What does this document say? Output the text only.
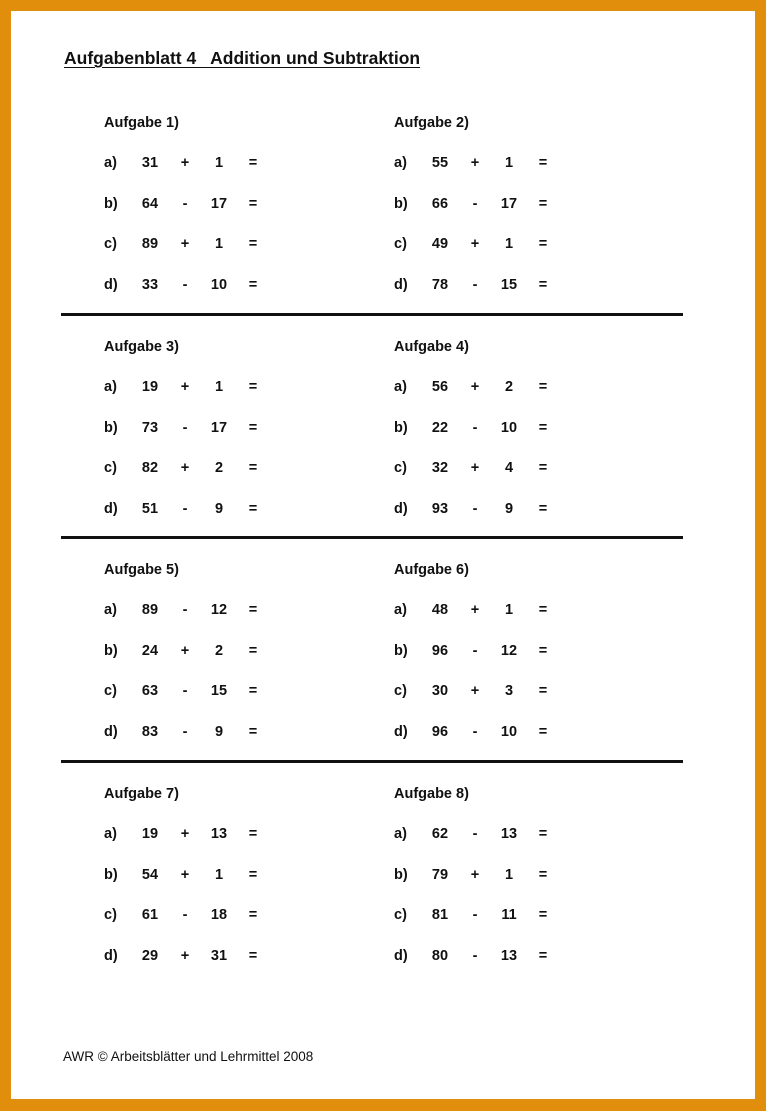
Aufgabenblatt 4   Addition und Subtraktion
Aufgabe 1)
a)	31 +	1	=
b)	64	-	17 =
c)	89 +	1	=
d)	33	-	10 =
Aufgabe 2)
a)	55 +	1	=
b)	66	-	17 =
c)	49 +	1	=
d)	78	-	15 =
Aufgabe 3)
a)	19 +	1	=
b)	73	-	17 =
c)	82 +	2	=
d)	51	-	9	=
Aufgabe 4)
a)	56 +	2	=
b)	22	-	10 =
c)	32 +	4	=
d)	93	-	9	=
Aufgabe 5)
a)	89	-	12 =
b)	24 +	2	=
c)	63	-	15 =
d)	83	-	9	=
Aufgabe 6)
a)	48 +	1	=
b)	96	-	12 =
c)	30 +	3	=
d)	96	-	10 =
Aufgabe 7)
a)	19 + 13 =
b)	54 +	1	=
c)	61	-	18 =
d)	29 + 31 =
Aufgabe 8)
a)	62	-	13 =
b)	79 +	1	=
c)	81	-	11 =
d)	80	-	13 =
AWR © Arbeitsblätter und Lehrmittel 2008
